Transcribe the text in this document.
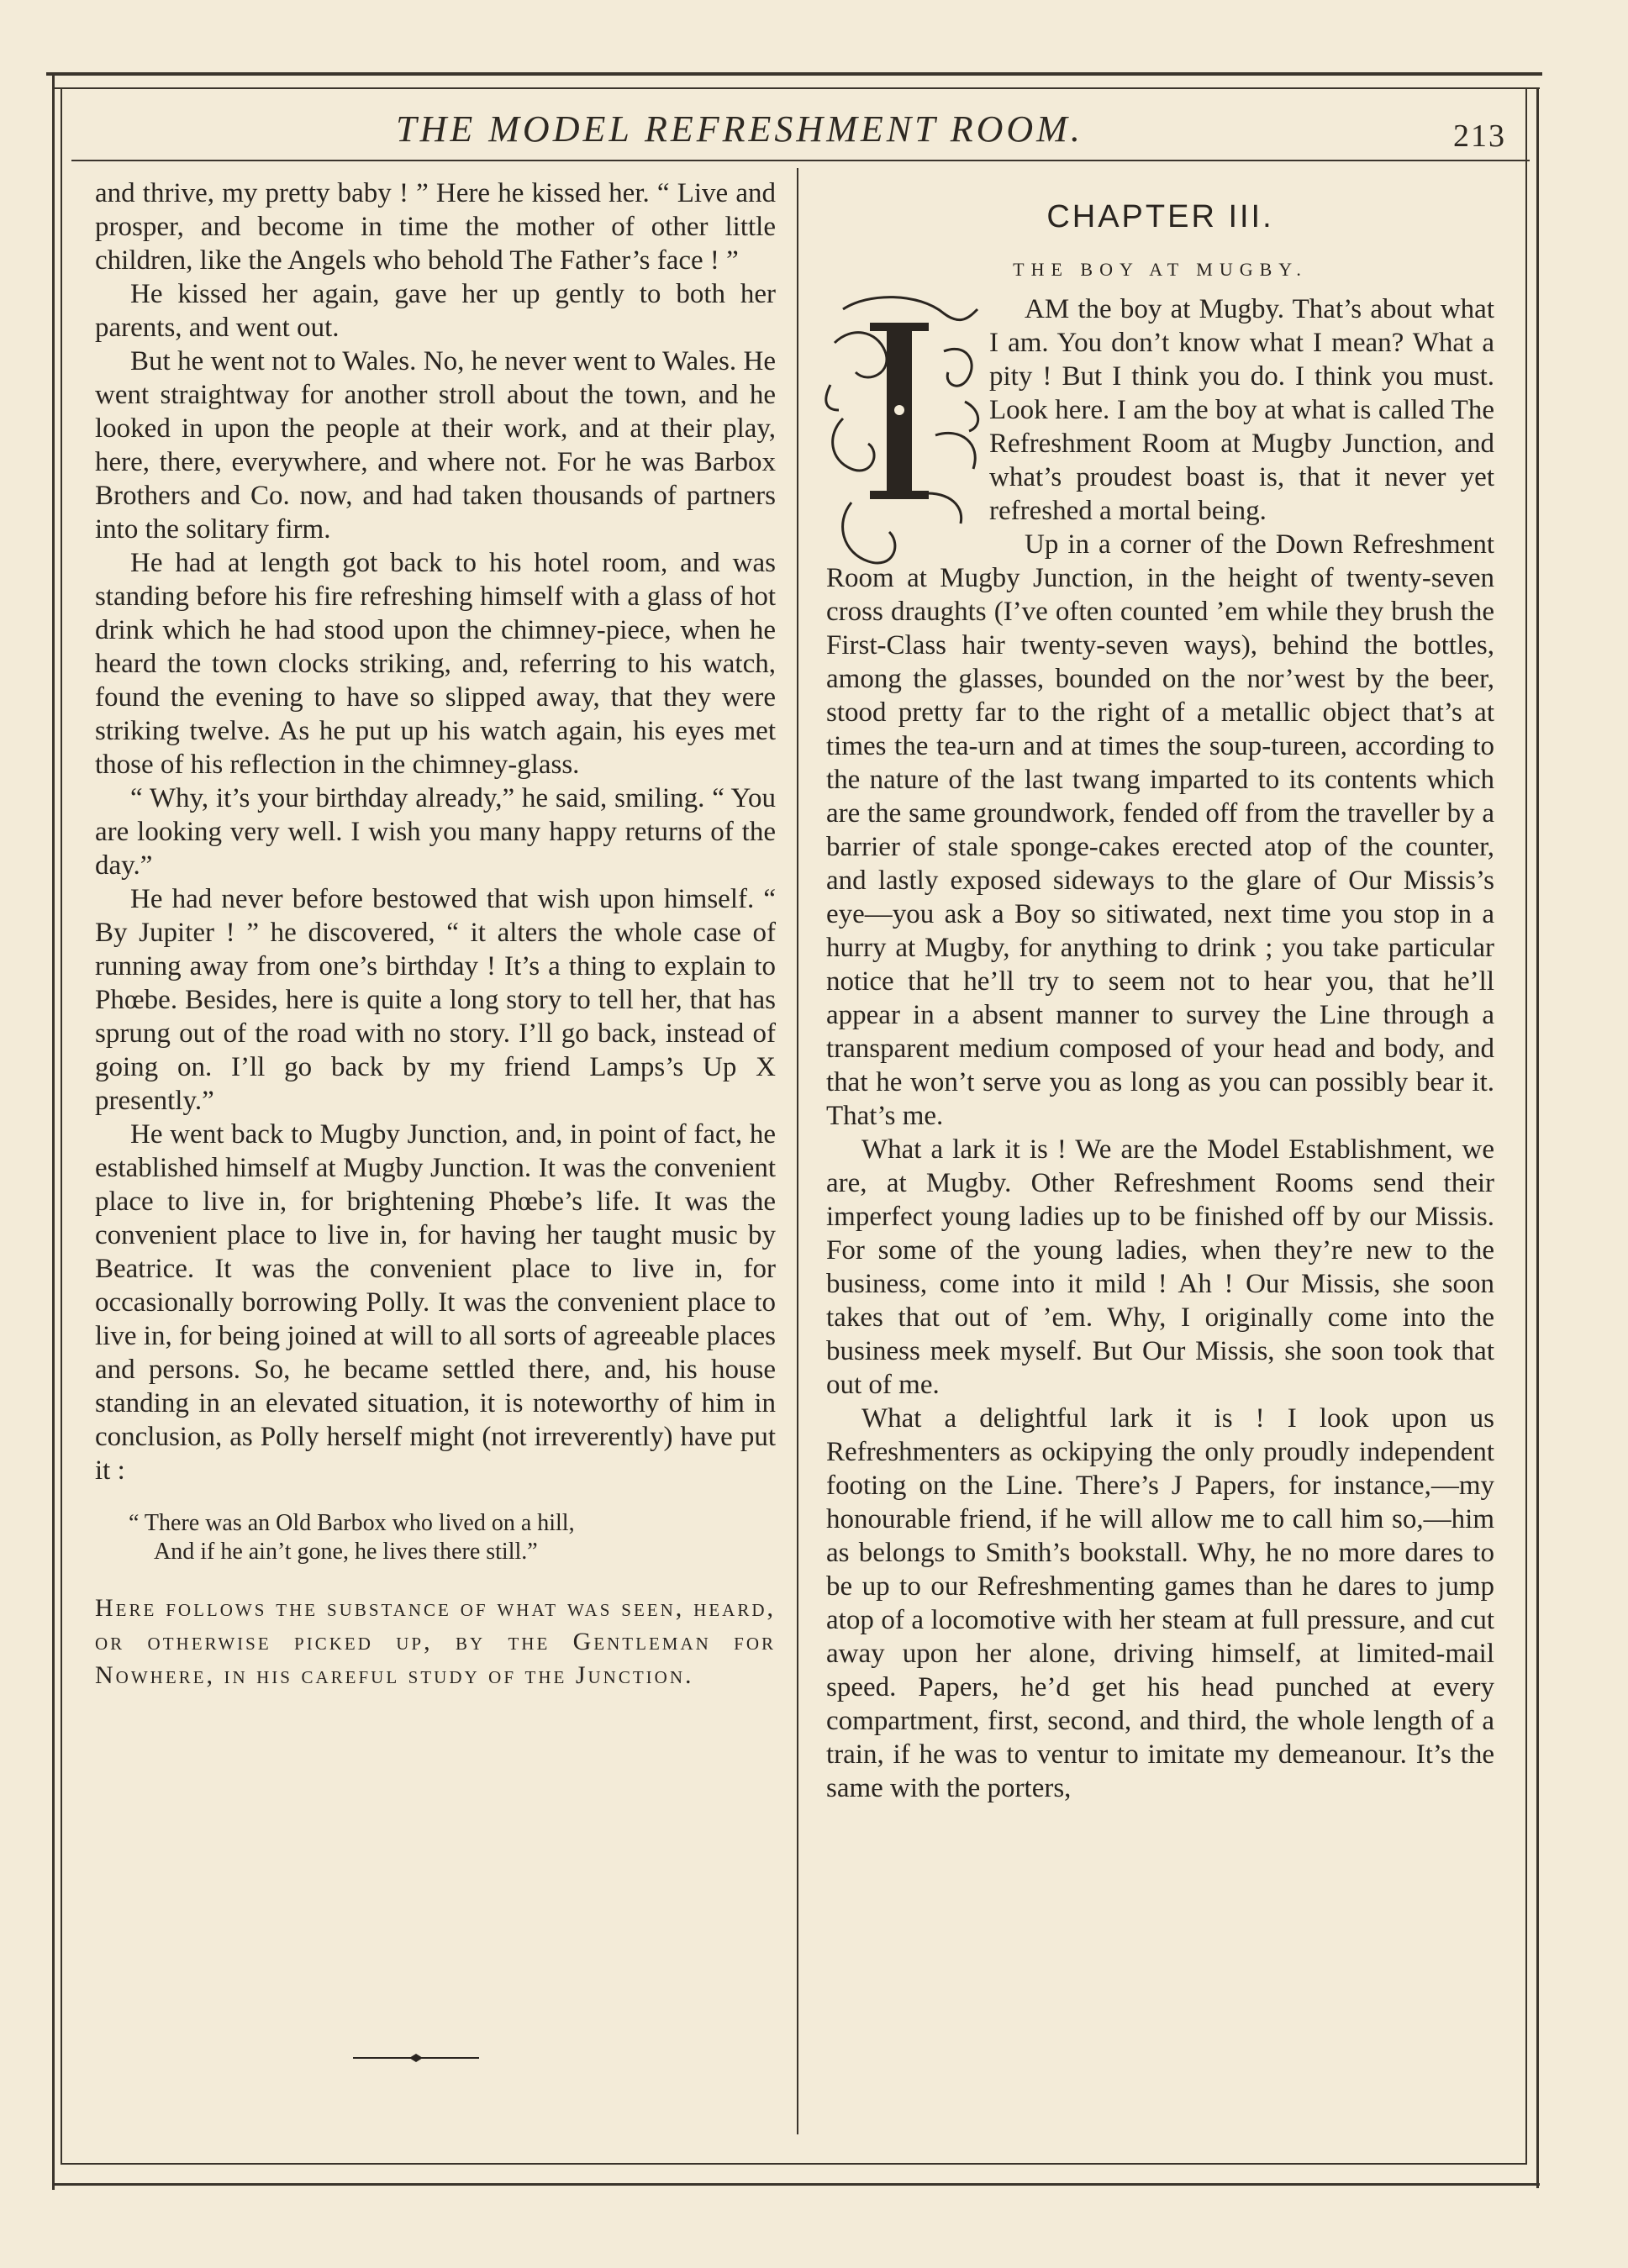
THE MODEL REFRESHMENT ROOM.	213

and thrive, my pretty baby ! ” Here he kissed her. “ Live and prosper, and become in time the mother of other little children, like the Angels who behold The Father’s face ! ”

He kissed her again, gave her up gently to both her parents, and went out.

But he went not to Wales. No, he never went to Wales. He went straightway for another stroll about the town, and he looked in upon the people at their work, and at their play, here, there, everywhere, and where not. For he was Barbox Brothers and Co. now, and had taken thousands of partners into the solitary firm.

He had at length got back to his hotel room, and was standing before his fire refreshing himself with a glass of hot drink which he had stood upon the chimney-piece, when he heard the town clocks striking, and, referring to his watch, found the evening to have so slipped away, that they were striking twelve. As he put up his watch again, his eyes met those of his reflection in the chimney-glass.

“ Why, it’s your birthday already,” he said, smiling. “ You are looking very well. I wish you many happy returns of the day.”

He had never before bestowed that wish upon himself. “ By Jupiter ! ” he discovered, “ it alters the whole case of running away from one’s birthday ! It’s a thing to explain to Phœbe. Besides, here is quite a long story to tell her, that has sprung out of the road with no story. I’ll go back, instead of going on. I’ll go back by my friend Lamps’s Up X presently.”

He went back to Mugby Junction, and, in point of fact, he established himself at Mugby Junction. It was the convenient place to live in, for brightening Phœbe’s life. It was the convenient place to live in, for having her taught music by Beatrice. It was the convenient place to live in, for occasionally borrowing Polly. It was the convenient place to live in, for being joined at will to all sorts of agreeable places and persons. So, he became settled there, and, his house standing in an elevated situation, it is noteworthy of him in conclusion, as Polly herself might (not irreverently) have put it :

“ There was an Old Barbox who lived on a hill,
And if he ain’t gone, he lives there still.”
Here follows the substance of what was seen, heard, or otherwise picked up, by the Gentleman for Nowhere, in his careful study of the Junction.
CHAPTER III.
THE BOY AT MUGBY.

AM the boy at Mugby. That’s about what I am. You don’t know what I mean? What a pity ! But I think you do. I think you must. Look here. I am the boy at what is called The Refreshment Room at Mugby Junction, and what’s proudest boast is, that it never yet refreshed a mortal being.

Up in a corner of the Down Refreshment Room at Mugby Junction, in the height of twenty-seven cross draughts (I’ve often counted ’em while they brush the First-Class hair twenty-seven ways), behind the bottles, among the glasses, bounded on the nor’west by the beer, stood pretty far to the right of a metallic object that’s at times the tea-urn and at times the soup-tureen, according to the nature of the last twang imparted to its contents which are the same groundwork, fended off from the traveller by a barrier of stale sponge-cakes erected atop of the counter, and lastly exposed sideways to the glare of Our Missis’s eye—you ask a Boy so sitiwated, next time you stop in a hurry at Mugby, for anything to drink ; you take particular notice that he’ll try to seem not to hear you, that he’ll appear in a absent manner to survey the Line through a transparent medium composed of your head and body, and that he won’t serve you as long as you can possibly bear it. That’s me.

What a lark it is ! We are the Model Establishment, we are, at Mugby. Other Refreshment Rooms send their imperfect young ladies up to be finished off by our Missis. For some of the young ladies, when they’re new to the business, come into it mild ! Ah ! Our Missis, she soon takes that out of ’em. Why, I originally come into the business meek myself. But Our Missis, she soon took that out of me.

What a delightful lark it is ! I look upon us Refreshmenters as ockipying the only proudly independent footing on the Line. There’s J Papers, for instance,—my honourable friend, if he will allow me to call him so,—him as belongs to Smith’s bookstall. Why, he no more dares to be up to our Refreshmenting games than he dares to jump atop of a locomotive with her steam at full pressure, and cut away upon her alone, driving himself, at limited-mail speed. Papers, he’d get his head punched at every compartment, first, second, and third, the whole length of a train, if he was to ventur to imitate my demeanour. It’s the same with the porters,
